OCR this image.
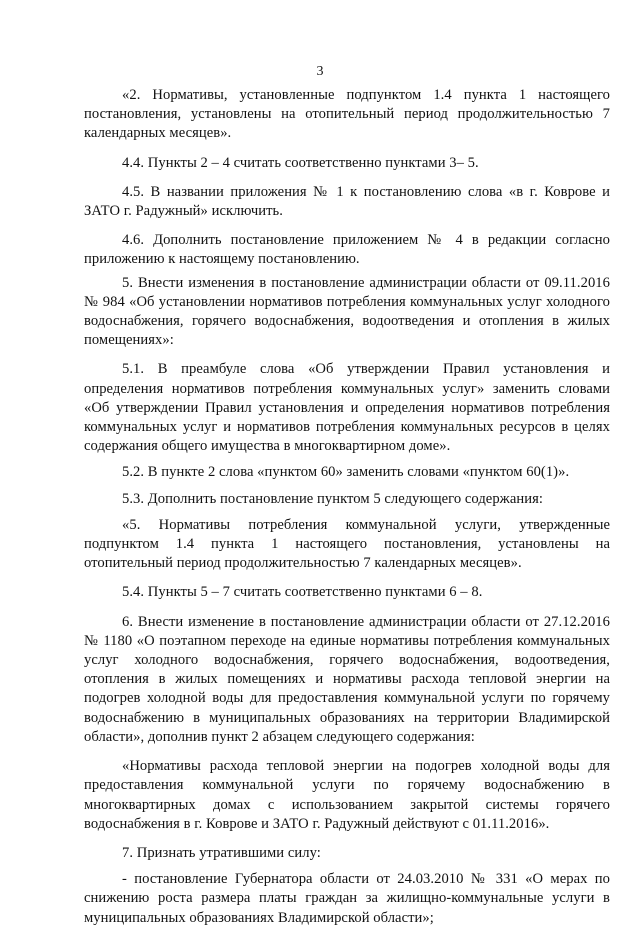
3

«2. Нормативы, установленные подпунктом 1.4 пункта 1 настоящего постановления, установлены на отопительный период продолжительностью 7 календарных месяцев».

4.4. Пункты 2 – 4 считать соответственно пунктами 3– 5.

4.5. В названии приложения № 1 к постановлению слова «в г. Коврове и ЗАТО г. Радужный» исключить.

4.6. Дополнить постановление приложением № 4 в редакции согласно приложению к настоящему постановлению.

5. Внести изменения в постановление администрации области от 09.11.2016 № 984 «Об установлении нормативов потребления коммунальных услуг холодного водоснабжения, горячего водоснабжения, водоотведения и отопления в жилых помещениях»:

5.1. В преамбуле слова «Об утверждении Правил установления и определения нормативов потребления коммунальных услуг» заменить словами «Об утверждении Правил установления и определения нормативов потребления коммунальных услуг и нормативов потребления коммунальных ресурсов в целях содержания общего имущества в многоквартирном доме».

5.2. В пункте 2 слова «пунктом 60» заменить словами «пунктом 60(1)».

5.3. Дополнить постановление пунктом 5 следующего содержания:

«5. Нормативы потребления коммунальной услуги, утвержденные подпунктом 1.4 пункта 1 настоящего постановления, установлены на отопительный период продолжительностью 7 календарных месяцев».

5.4. Пункты 5 – 7 считать соответственно пунктами 6 – 8.

6. Внести изменение в постановление администрации области от 27.12.2016 № 1180 «О поэтапном переходе на единые нормативы потребления коммунальных услуг холодного водоснабжения, горячего водоснабжения, водоотведения, отопления в жилых помещениях и нормативы расхода тепловой энергии на подогрев холодной воды для предоставления коммунальной услуги по горячему водоснабжению в муниципальных образованиях на территории Владимирской области», дополнив пункт 2 абзацем следующего содержания:

«Нормативы расхода тепловой энергии на подогрев холодной воды для предоставления коммунальной услуги по горячему водоснабжению в многоквартирных домах с использованием закрытой системы горячего водоснабжения в г. Коврове и ЗАТО г. Радужный действуют с 01.11.2016».

7. Признать утратившими силу:

- постановление Губернатора области от 24.03.2010 № 331 «О мерах по снижению роста размера платы граждан за жилищно-коммунальные услуги в муниципальных образованиях Владимирской области»;
